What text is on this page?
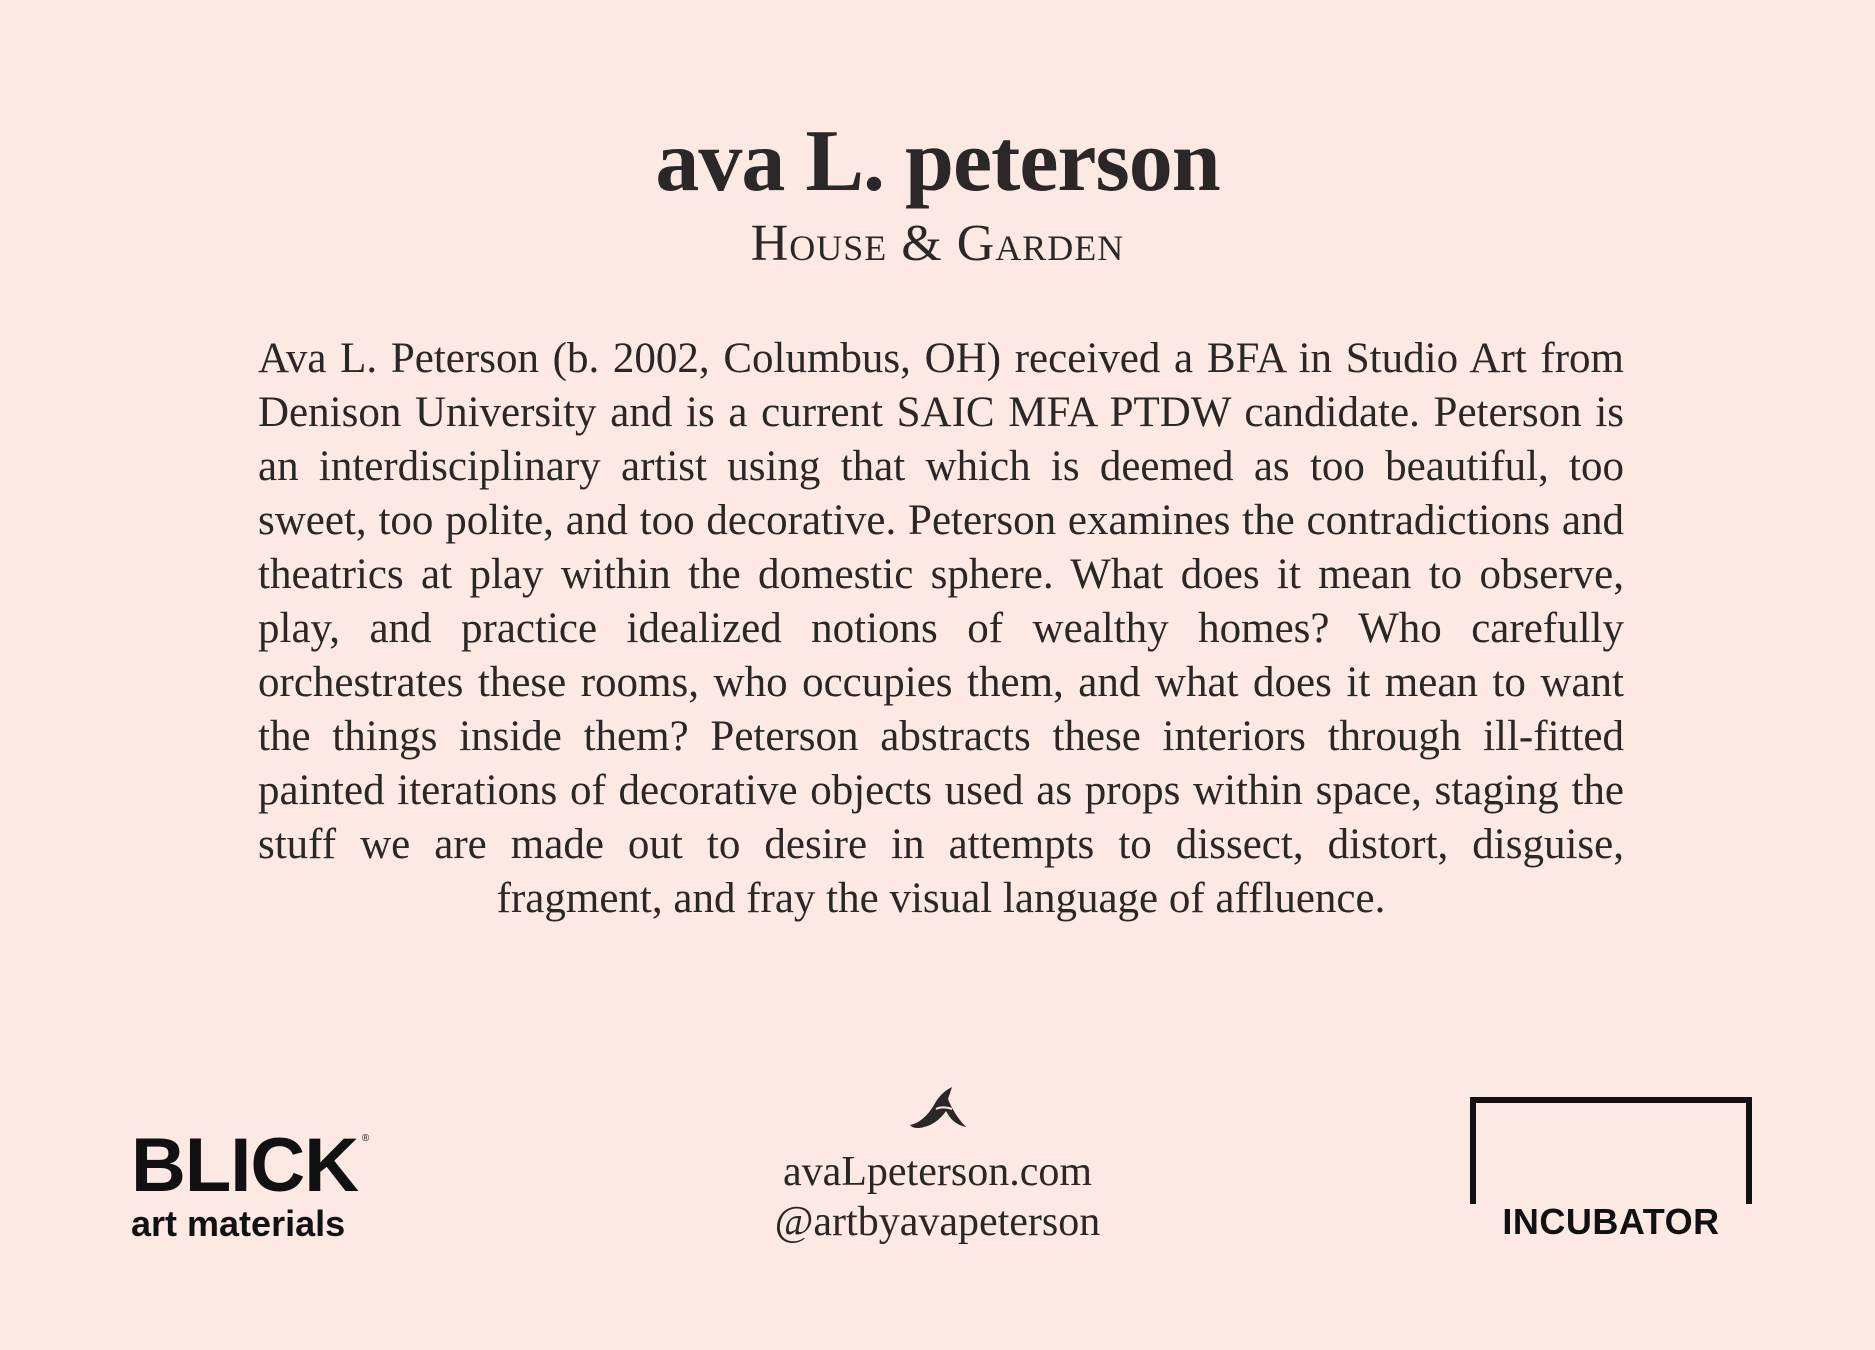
ava L. peterson
House & Garden

Ava L. Peterson (b. 2002, Columbus, OH) received a BFA in Studio Art from Denison University and is a current SAIC MFA PTDW candidate. Peterson is an interdisciplinary artist using that which is deemed as too beautiful, too sweet, too polite, and too decorative. Peterson examines the contradictions and theatrics at play within the domestic sphere. What does it mean to observe, play, and practice idealized notions of wealthy homes? Who carefully orchestrates these rooms, who occupies them, and what does it mean to want the things inside them? Peterson abstracts these interiors through ill-fitted painted iterations of decorative objects used as props within space, staging the stuff we are made out to desire in attempts to dissect, distort, disguise, fragment, and fray the visual language of affluence.

BLICK ®
art materials
avaLpeterson.com
@artbyavapeterson	INCUBATOR
